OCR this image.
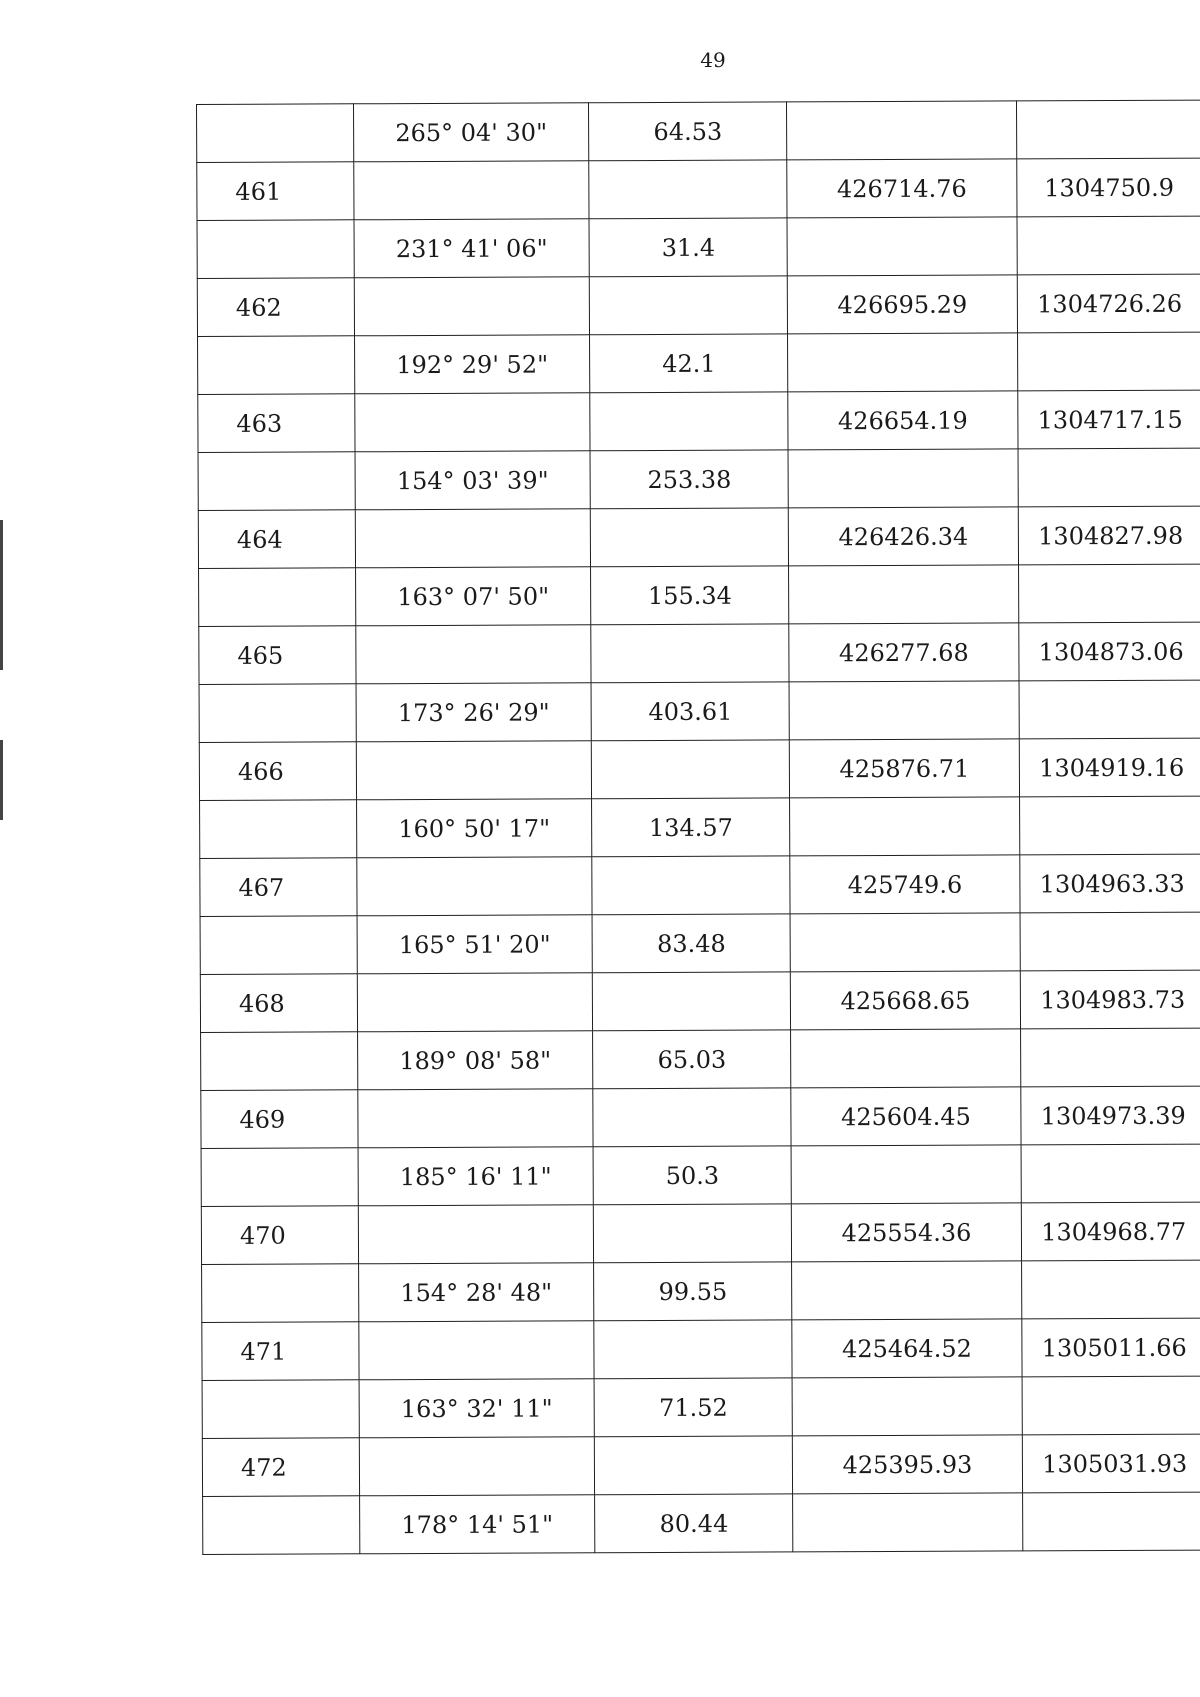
49
	265° 04' 30"	64.53		
461			426714.76	1304750.9
	231° 41' 06"	31.4		
462			426695.29	1304726.26
	192° 29' 52"	42.1		
463			426654.19	1304717.15
	154° 03' 39"	253.38		
464			426426.34	1304827.98
	163° 07' 50"	155.34		
465			426277.68	1304873.06
	173° 26' 29"	403.61		
466			425876.71	1304919.16
	160° 50' 17"	134.57		
467			425749.6	1304963.33
	165° 51' 20"	83.48		
468			425668.65	1304983.73
	189° 08' 58"	65.03		
469			425604.45	1304973.39
	185° 16' 11"	50.3		
470			425554.36	1304968.77
	154° 28' 48"	99.55		
471			425464.52	1305011.66
	163° 32' 11"	71.52		
472			425395.93	1305031.93
	178° 14' 51"	80.44		
